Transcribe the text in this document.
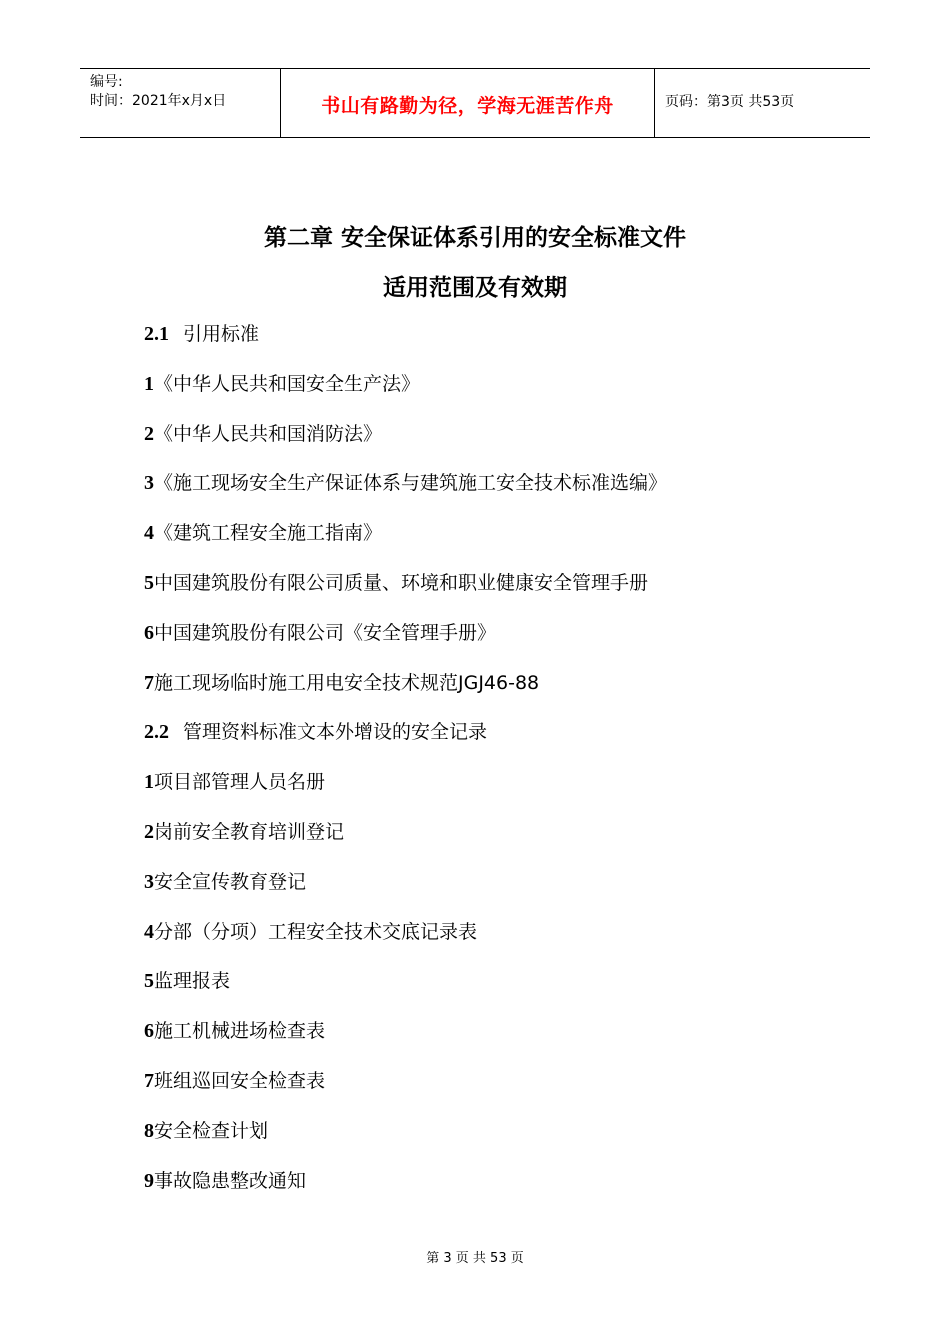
编号:
时间：2021年x月x日	书山有路勤为径，学海无涯苦作舟	页码：第3页 共53页
第二章 安全保证体系引用的安全标准文件
适用范围及有效期
2.1 引用标准
1《中华人民共和国安全生产法》
2《中华人民共和国消防法》
3《施工现场安全生产保证体系与建筑施工安全技术标准选编》
4《建筑工程安全施工指南》
5中国建筑股份有限公司质量、环境和职业健康安全管理手册
6中国建筑股份有限公司《安全管理手册》
7施工现场临时施工用电安全技术规范JGJ46-88
2.2 管理资料标准文本外增设的安全记录
1项目部管理人员名册
2岗前安全教育培训登记
3安全宣传教育登记
4分部（分项）工程安全技术交底记录表
5监理报表
6施工机械进场检查表
7班组巡回安全检查表
8安全检查计划
9事故隐患整改通知
第 3 页 共 53 页
